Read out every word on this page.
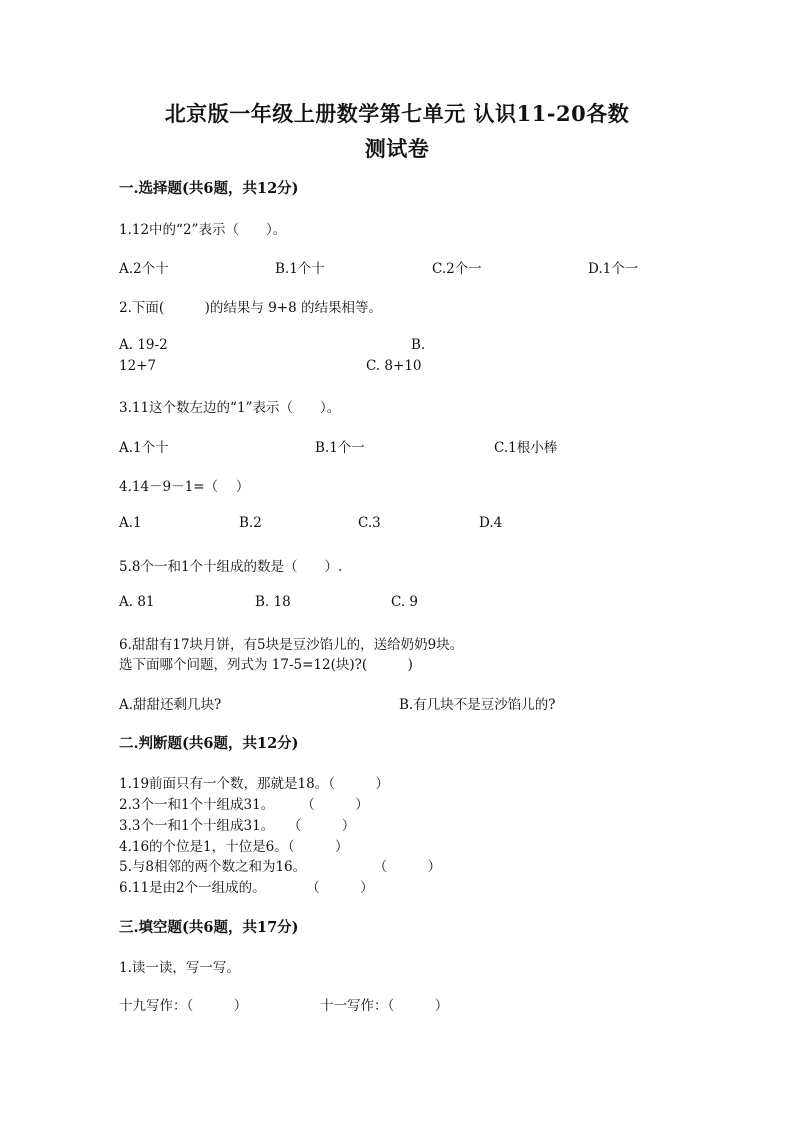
北京版一年级上册数学第七单元 认识11-20各数
测试卷
一.选择题(共6题，共12分)
1.12中的“2”表示（　　）。
A.2个十	B.1个十	C.2个一	D.1个一
2.下面(　　　)的结果与 9+8 的结果相等。
A. 19-2	B.
12+7	C. 8+10
3.11这个数左边的“1”表示（　　）。
A.1个十	B.1个一	C.1根小棒
4.14－9－1=（　 ）
A.1	B.2	C.3	D.4
5.8个一和1个十组成的数是（　　）.
A. 81	B. 18	C. 9
6.甜甜有17块月饼，有5块是豆沙馅儿的，送给奶奶9块。
选下面哪个问题，列式为 17-5=12(块)?(　　　)
A.甜甜还剩几块?	B.有几块不是豆沙馅儿的?
二.判断题(共6题，共12分)
1.19前面只有一个数，那就是18。（　　　）
2.3个一和1个十组成31。　　　（　　　）
3.3个一和1个十组成31。　　（　　　）
4.16的个位是1，十位是6。（　　　）
5.与8相邻的两个数之和为16。　　　　　　（　　　）
6.11是由2个一组成的。　　　　（　　　）
三.填空题(共6题，共17分)
1.读一读，写一写。
十九写作：（　　　）	十一写作：（　　　）
